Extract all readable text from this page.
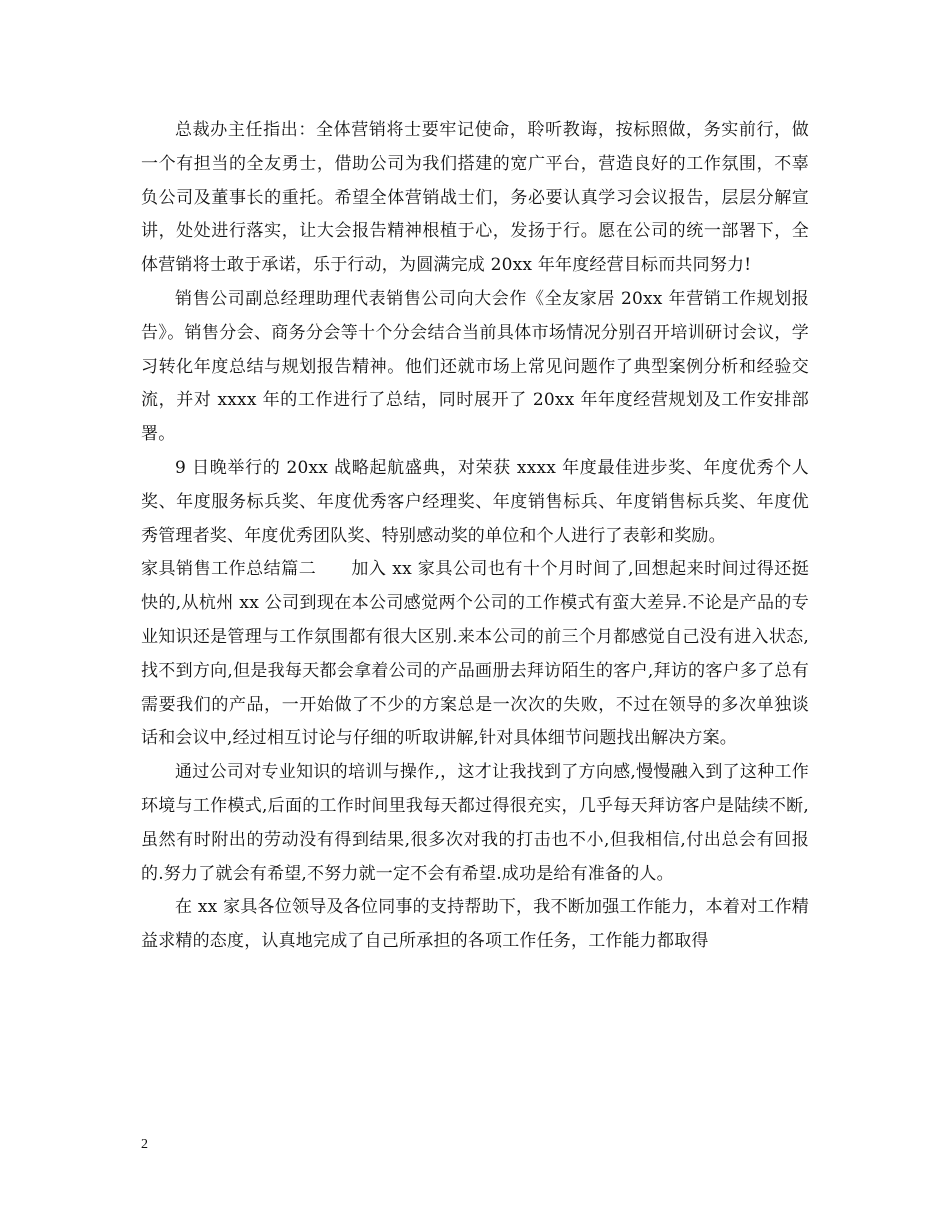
总裁办主任指出：全体营销将士要牢记使命，聆听教诲，按标照做，务实前行，做一个有担当的全友勇士，借助公司为我们搭建的宽广平台，营造良好的工作氛围，不辜负公司及董事长的重托。希望全体营销战士们，务必要认真学习会议报告，层层分解宣讲，处处进行落实，让大会报告精神根植于心，发扬于行。愿在公司的统一部署下，全体营销将士敢于承诺，乐于行动，为圆满完成 20xx 年年度经营目标而共同努力!

销售公司副总经理助理代表销售公司向大会作《全友家居 20xx 年营销工作规划报告》。销售分会、商务分会等十个分会结合当前具体市场情况分别召开培训研讨会议，学习转化年度总结与规划报告精神。他们还就市场上常见问题作了典型案例分析和经验交流，并对 xxxx 年的工作进行了总结，同时展开了 20xx 年年度经营规划及工作安排部署。

9 日晚举行的 20xx 战略起航盛典，对荣获 xxxx 年度最佳进步奖、年度优秀个人奖、年度服务标兵奖、年度优秀客户经理奖、年度销售标兵、年度销售标兵奖、年度优秀管理者奖、年度优秀团队奖、特别感动奖的单位和个人进行了表彰和奖励。

家具销售工作总结篇二　　加入 xx 家具公司也有十个月时间了,回想起来时间过得还挺快的,从杭州 xx 公司到现在本公司感觉两个公司的工作模式有蛮大差异.不论是产品的专业知识还是管理与工作氛围都有很大区别.来本公司的前三个月都感觉自己没有进入状态,找不到方向,但是我每天都会拿着公司的产品画册去拜访陌生的客户,拜访的客户多了总有需要我们的产品，一开始做了不少的方案总是一次次的失败，不过在领导的多次单独谈话和会议中,经过相互讨论与仔细的听取讲解,针对具体细节问题找出解决方案。

通过公司对专业知识的培训与操作,，这才让我找到了方向感,慢慢融入到了这种工作环境与工作模式,后面的工作时间里我每天都过得很充实，几乎每天拜访客户是陆续不断,虽然有时附出的劳动没有得到结果,很多次对我的打击也不小,但我相信,付出总会有回报的.努力了就会有希望,不努力就一定不会有希望.成功是给有准备的人。

在 xx 家具各位领导及各位同事的支持帮助下，我不断加强工作能力，本着对工作精益求精的态度，认真地完成了自己所承担的各项工作任务，工作能力都取得

2
